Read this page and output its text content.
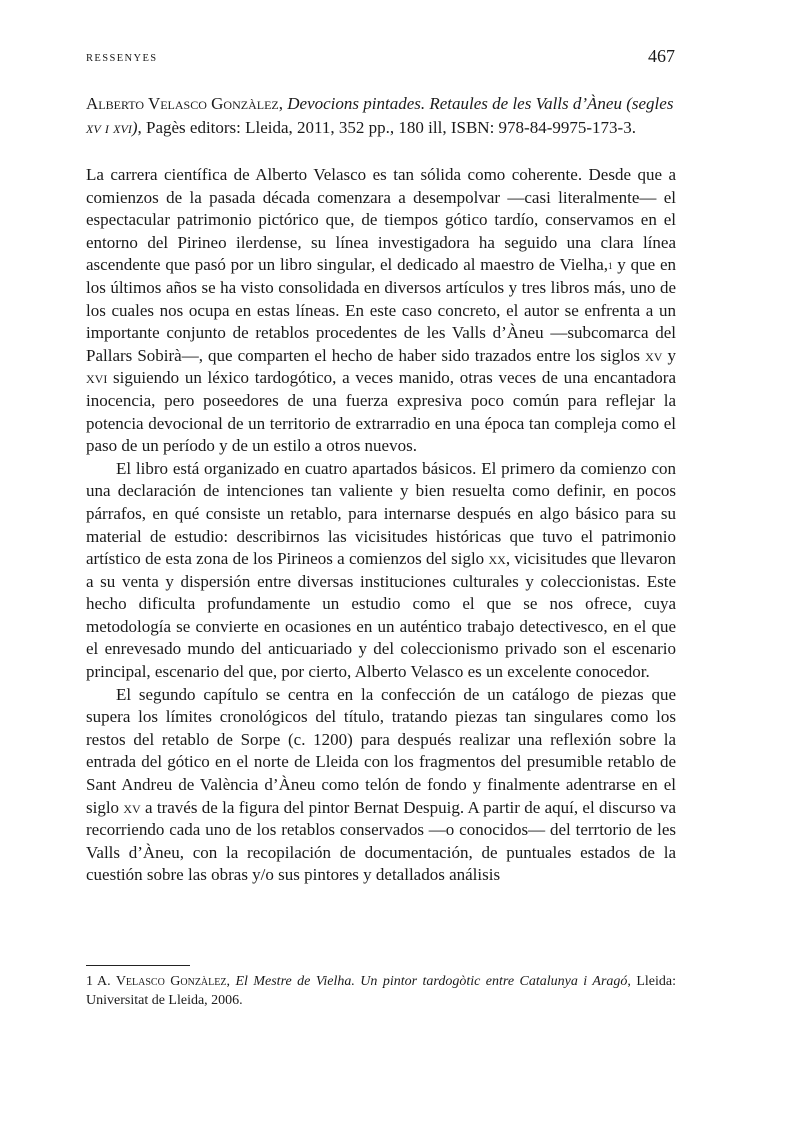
RESSENYES	467
Alberto Velasco Gonzàlez, Devocions pintades. Retaules de les Valls d’Àneu (segles xv i xvi), Pagès editors: Lleida, 2011, 352 pp., 180 ill, ISBN: 978-84-9975-173-3.

La carrera científica de Alberto Velasco es tan sólida como coherente. Desde que a comienzos de la pasada década comenzara a desempolvar —casi literalmente— el espectacular patrimonio pictórico que, de tiempos gótico tardío, conservamos en el entorno del Pirineo ilerdense, su línea investigadora ha seguido una clara línea ascendente que pasó por un libro singular, el dedicado al maestro de Vielha,$^1$ y que en los últimos años se ha visto consolidada en diversos artículos y tres libros más, uno de los cuales nos ocupa en estas líneas. En este caso concreto, el autor se enfrenta a un importante conjunto de retablos procedentes de les Valls d’Àneu —subcomarca del Pallars Sobirà—, que comparten el hecho de haber sido trazados entre los siglos xv y xvi siguiendo un léxico tardogótico, a veces manido, otras veces de una encantadora inocencia, pero poseedores de una fuerza expresiva poco común para reflejar la potencia devocional de un territorio de extrarradio en una época tan compleja como el paso de un período y de un estilo a otros nuevos.

El libro está organizado en cuatro apartados básicos. El primero da comienzo con una declaración de intenciones tan valiente y bien resuelta como definir, en pocos párrafos, en qué consiste un retablo, para internarse después en algo básico para su material de estudio: describirnos las vicisitudes históricas que tuvo el patrimonio artístico de esta zona de los Pirineos a comienzos del siglo xx, vicisitudes que llevaron a su venta y dispersión entre diversas instituciones culturales y coleccionistas. Este hecho dificulta profundamente un estudio como el que se nos ofrece, cuya metodología se convierte en ocasiones en un auténtico trabajo detectivesco, en el que el enrevesado mundo del anticuariado y del coleccionismo privado son el escenario principal, escenario del que, por cierto, Alberto Velasco es un excelente conocedor.

El segundo capítulo se centra en la confección de un catálogo de piezas que supera los límites cronológicos del título, tratando piezas tan singulares como los restos del retablo de Sorpe (c. 1200) para después realizar una reflexión sobre la entrada del gótico en el norte de Lleida con los fragmentos del presumible retablo de Sant Andreu de València d’Àneu como telón de fondo y finalmente adentrarse en el siglo xv a través de la figura del pintor Bernat Despuig. A partir de aquí, el discurso va recorriendo cada uno de los retablos conservados —o conocidos— del terrtorio de les Valls d’Àneu, con la recopilación de documentación, de puntuales estados de la cuestión sobre las obras y/o sus pintores y detallados análisis

1 A. Velasco Gonzàlez, El Mestre de Vielha. Un pintor tardogòtic entre Catalunya i Aragó, Lleida: Universitat de Lleida, 2006.
